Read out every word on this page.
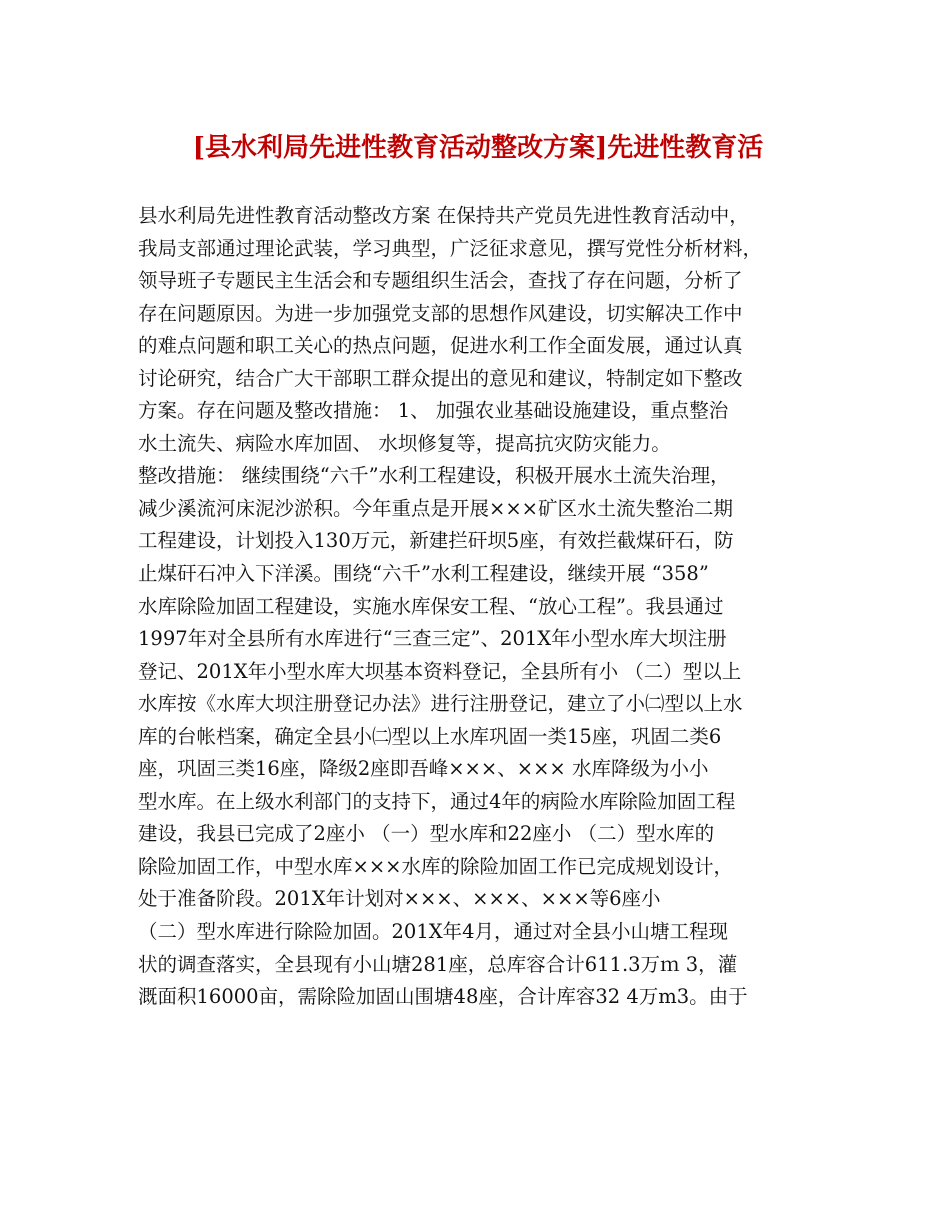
[县水利局先进性教育活动整改方案]先进性教育活
县水利局先进性教育活动整改方案 在保持共产党员先进性教育活动中，
我局支部通过理论武装，学习典型，广泛征求意见，撰写党性分析材料，
领导班子专题民主生活会和专题组织生活会，查找了存在问题，分析了
存在问题原因。为进一步加强党支部的思想作风建设，切实解决工作中
的难点问题和职工关心的热点问题，促进水利工作全面发展，通过认真
讨论研究，结合广大干部职工群众提出的意见和建议，特制定如下整改
方案。存在问题及整改措施： 1、 加强农业基础设施建设，重点整治
水土流失、病险水库加固、 水坝修复等，提高抗灾防灾能力。
整改措施： 继续围绕“六千”水利工程建设，积极开展水土流失治理，
减少溪流河床泥沙淤积。今年重点是开展×××矿区水土流失整治二期
工程建设，计划投入130万元，新建拦矸坝5座，有效拦截煤矸石，防
止煤矸石冲入下洋溪。围绕“六千”水利工程建设，继续开展 “358”
水库除险加固工程建设，实施水库保安工程、“放心工程”。我县通过
1997年对全县所有水库进行“三查三定”、201X年小型水库大坝注册
登记、201X年小型水库大坝基本资料登记，全县所有小 （二）型以上
水库按《水库大坝注册登记办法》进行注册登记，建立了小㈡型以上水
库的台帐档案，确定全县小㈡型以上水库巩固一类15座，巩固二类6
座，巩固三类16座，降级2座即吾峰×××、××× 水库降级为小小
型水库。在上级水利部门的支持下，通过4年的病险水库除险加固工程
建设，我县已完成了2座小 （一）型水库和22座小 （二）型水库的
除险加固工作，中型水库×××水库的除险加固工作已完成规划设计，
处于准备阶段。201X年计划对×××、×××、×××等6座小
（二）型水库进行除险加固。201X年4月，通过对全县小山塘工程现
状的调查落实，全县现有小山塘281座，总库容合计611.3万ｍ 3，灌
溉面积16000亩，需除险加固山围塘48座，合计库容32 4万m3。由于
